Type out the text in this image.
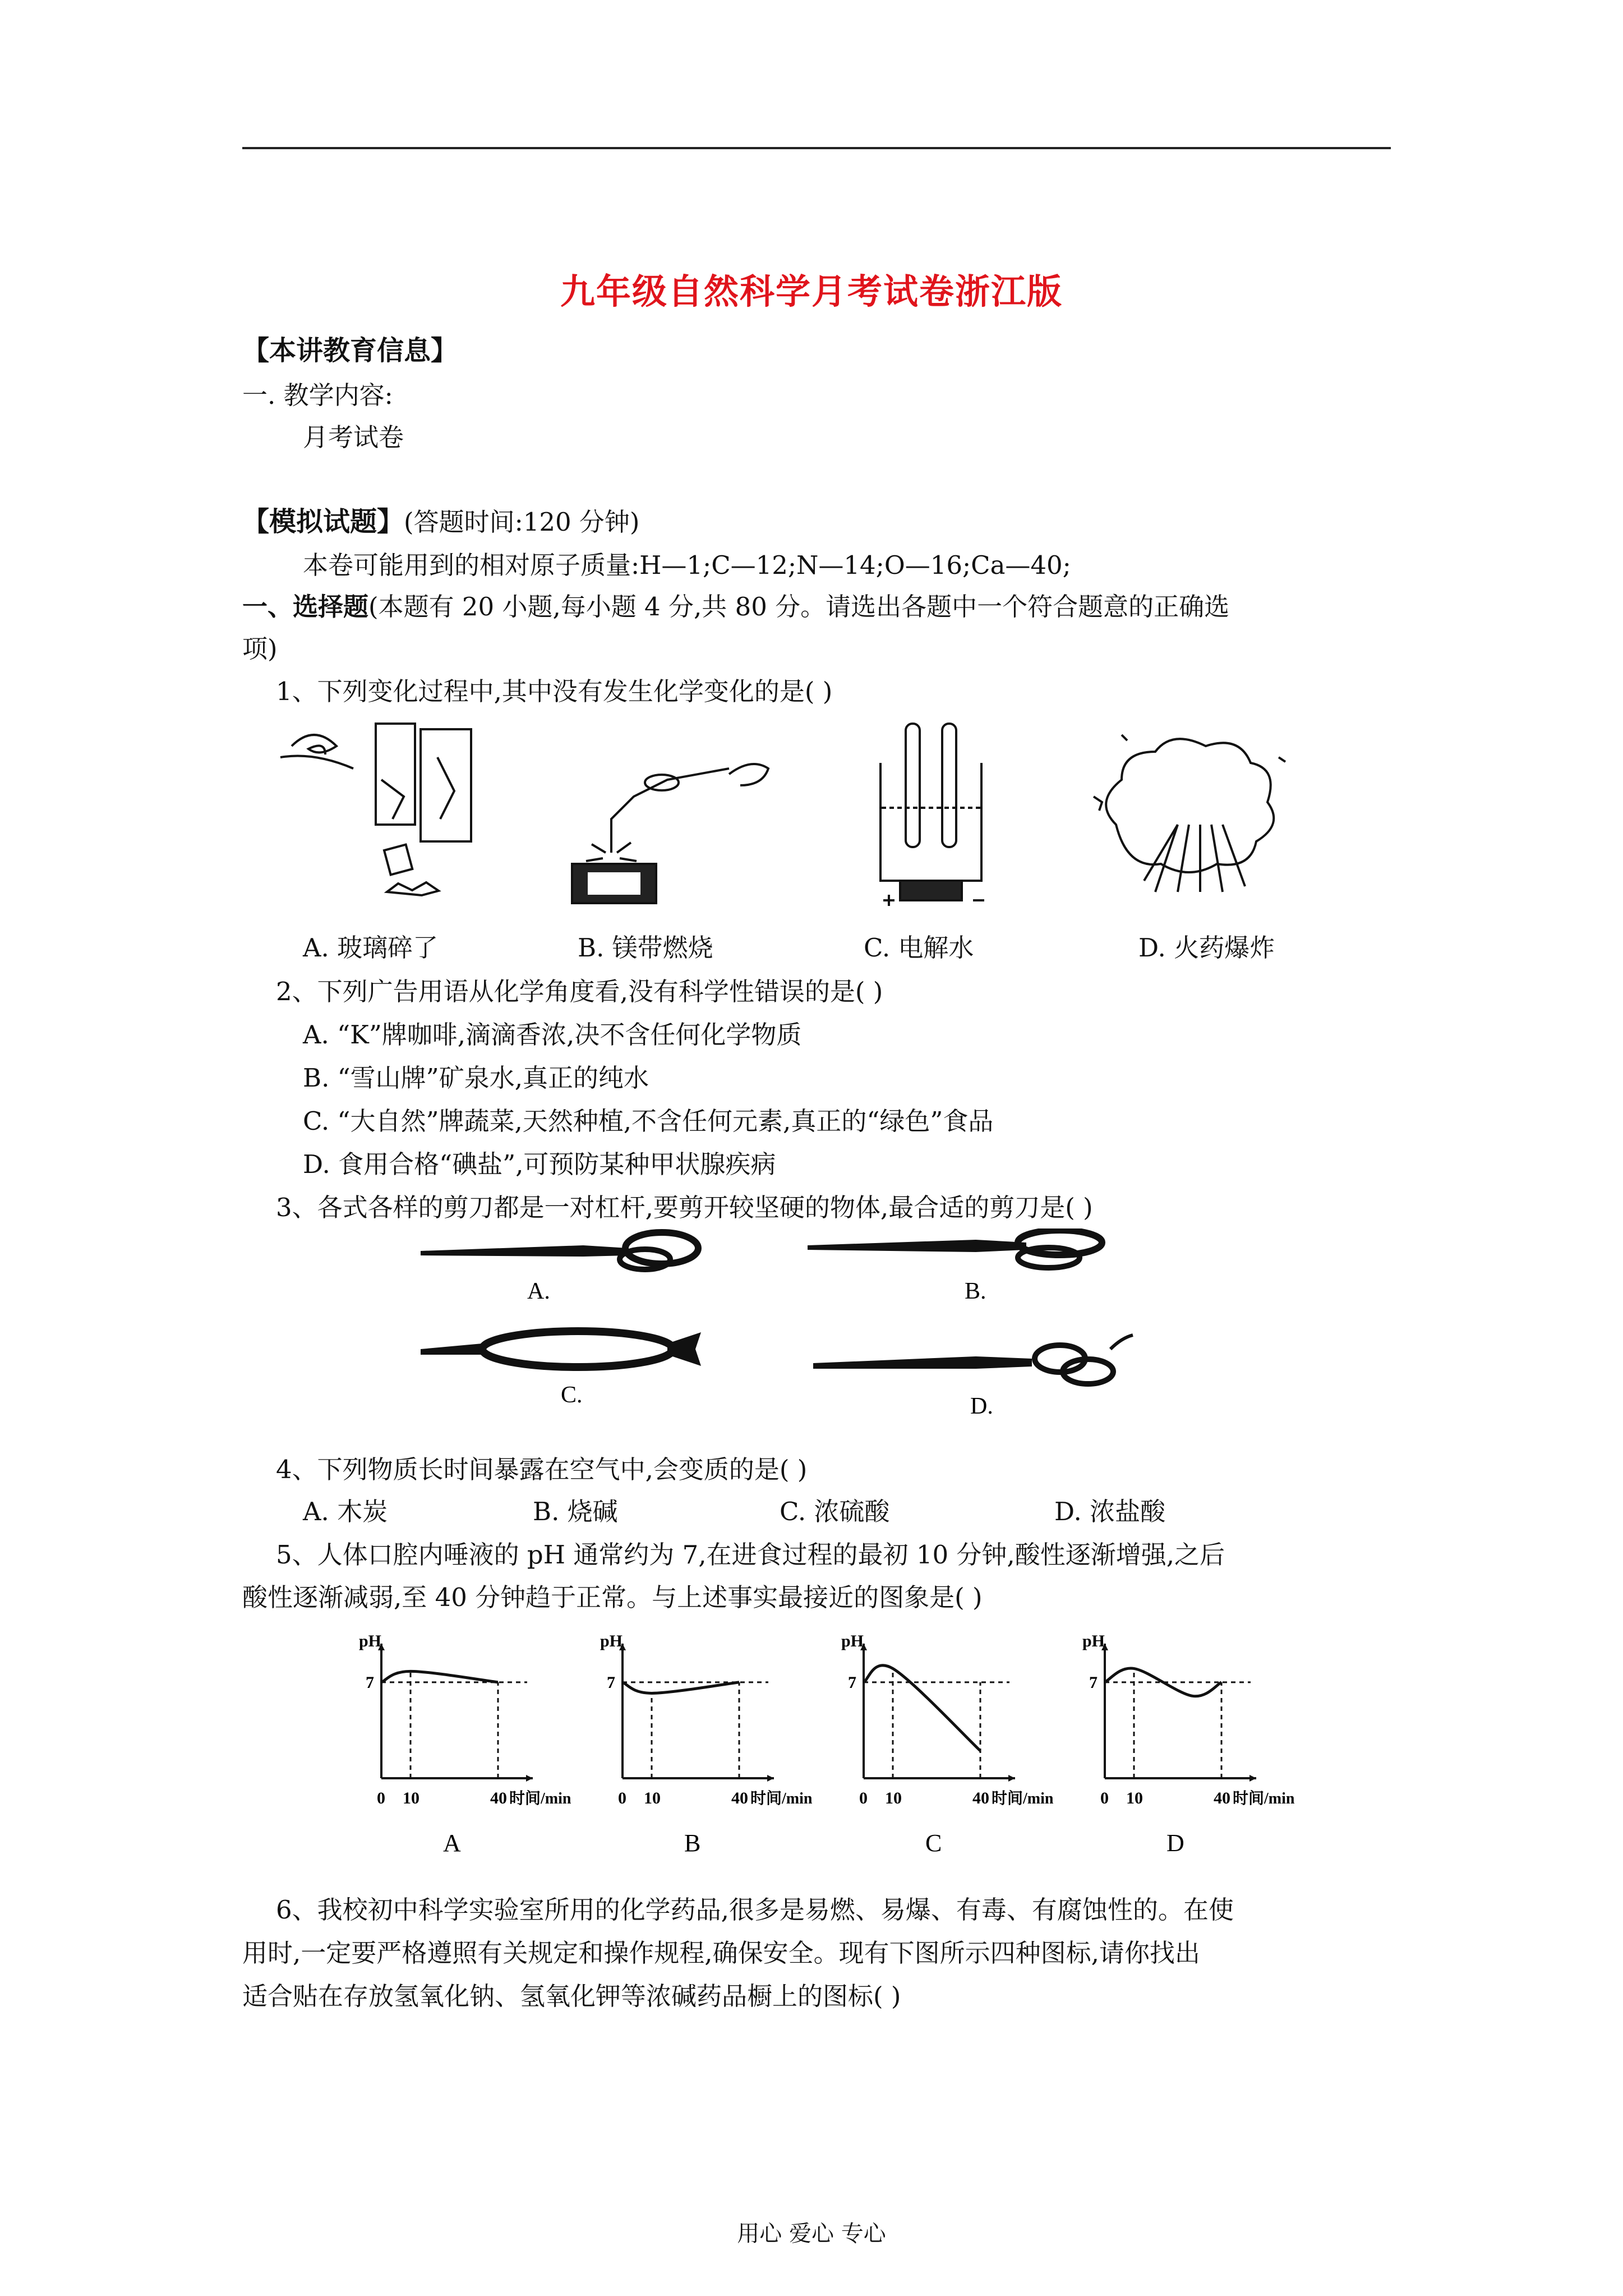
九年级自然科学月考试卷浙江版
【本讲教育信息】
一. 教学内容:
月考试卷
【模拟试题】(答题时间:120 分钟)
本卷可能用到的相对原子质量:H—1;C—12;N—14;O—16;Ca—40;
一、选择题(本题有 20 小题,每小题 4 分,共 80 分。请选出各题中一个符合题意的正确选
项)
1、下列变化过程中,其中没有发生化学变化的是( )
A. 玻璃碎了	B. 镁带燃烧	C. 电解水	D. 火药爆炸
2、下列广告用语从化学角度看,没有科学性错误的是( )
A. “K”牌咖啡,滴滴香浓,决不含任何化学物质
B. “雪山牌”矿泉水,真正的纯水
C. “大自然”牌蔬菜,天然种植,不含任何元素,真正的“绿色”食品
D. 食用合格“碘盐”,可预防某种甲状腺疾病
3、各式各样的剪刀都是一对杠杆,要剪开较坚硬的物体,最合适的剪刀是( )
A.	B.
C.	D.
4、下列物质长时间暴露在空气中,会变质的是( )
A. 木炭	B. 烧碱	C. 浓硫酸	D. 浓盐酸
5、人体口腔内唾液的 pH 通常约为 7,在进食过程的最初 10 分钟,酸性逐渐增强,之后
酸性逐渐减弱,至 40 分钟趋于正常。与上述事实最接近的图象是( )
pH
7
0 10	40 时间/min
A
pH
7
0 10	40 时间/min
B
pH
7
0 10	40 时间/min
C
pH
7
0 10	40 时间/min
D
6、我校初中科学实验室所用的化学药品,很多是易燃、易爆、有毒、有腐蚀性的。在使
用时,一定要严格遵照有关规定和操作规程,确保安全。现有下图所示四种图标,请你找出
适合贴在存放氢氧化钠、氢氧化钾等浓碱药品橱上的图标( )
用心 爱心 专心
